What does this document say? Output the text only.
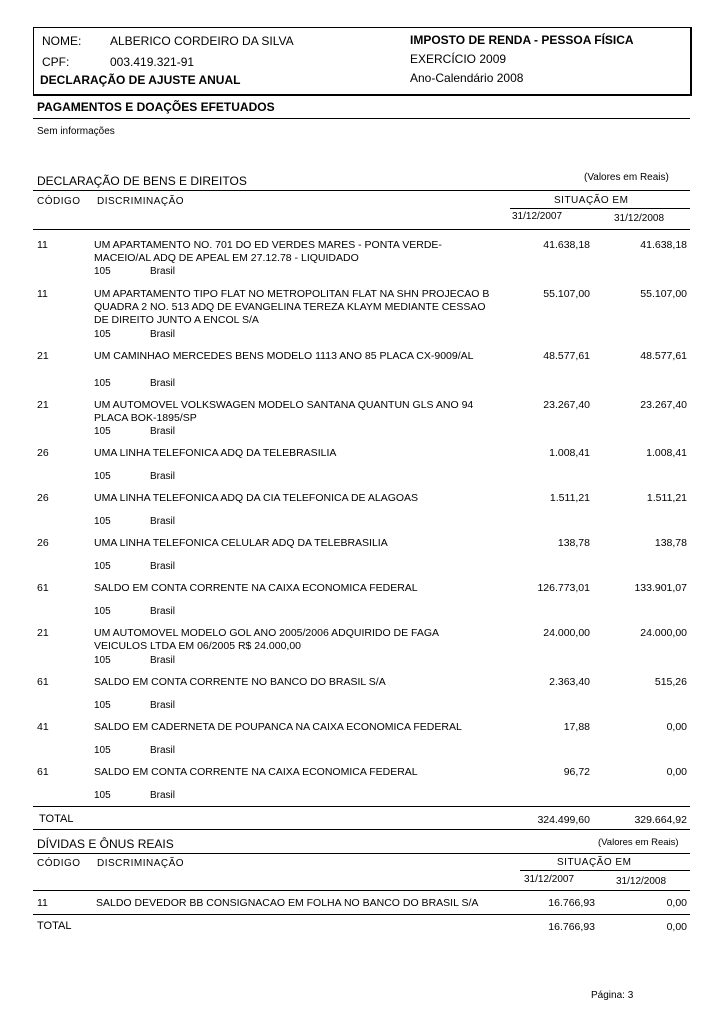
NOME: ALBERICO CORDEIRO DA SILVA
CPF:	003.419.321-91
DECLARAÇÃO DE AJUSTE ANUAL
IMPOSTO DE RENDA - PESSOA FÍSICA
EXERCÍCIO 2009
Ano-Calendário 2008
PAGAMENTOS E DOAÇÕES EFETUADOS
Sem informações
DECLARAÇÃO DE BENS E DIREITOS	(Valores em Reais)
CÓDIGO DISCRIMINAÇÃO	SITUAÇÃO EM
31/12/2007	31/12/2008
11	UM APARTAMENTO NO. 701 DO ED VERDES MARES - PONTA VERDE- MACEIO/AL ADQ DE APEAL EM 27.12.78 - LIQUIDADO
41.638,18	41.638,18
105	Brasil
11	UM APARTAMENTO TIPO FLAT NO METROPOLITAN FLAT NA SHN PROJECAO B QUADRA 2 NO. 513 ADQ DE EVANGELINA TEREZA KLAYM MEDIANTE CESSAO DE DIREITO JUNTO A ENCOL S/A
55.107,00	55.107,00
105	Brasil
21	UM CAMINHAO MERCEDES BENS MODELO 1113 ANO 85 PLACA CX-9009/AL	48.577,61	48.577,61
105	Brasil
21	UM AUTOMOVEL VOLKSWAGEN MODELO SANTANA QUANTUN GLS ANO 94 PLACA BOK-1895/SP
23.267,40	23.267,40
105	Brasil
26	UMA LINHA TELEFONICA ADQ DA TELEBRASILIA	1.008,41	1.008,41
105	Brasil
26	UMA LINHA TELEFONICA ADQ DA CIA TELEFONICA DE ALAGOAS	1.511,21	1.511,21
105	Brasil
26	UMA LINHA TELEFONICA CELULAR ADQ DA TELEBRASILIA	138,78	138,78
105	Brasil
61	SALDO EM CONTA CORRENTE NA CAIXA ECONOMICA FEDERAL	126.773,01	133.901,07
105	Brasil
21	UM AUTOMOVEL MODELO GOL ANO 2005/2006 ADQUIRIDO DE FAGA VEICULOS LTDA EM 06/2005 R$ 24.000,00
24.000,00	24.000,00
105	Brasil
61	SALDO EM CONTA CORRENTE NO BANCO DO BRASIL S/A	2.363,40	515,26
105	Brasil
41	SALDO EM CADERNETA DE POUPANCA NA CAIXA ECONOMICA FEDERAL	17,88	0,00
105	Brasil
61	SALDO EM CONTA CORRENTE NA CAIXA ECONOMICA FEDERAL	96,72	0,00
105	Brasil
TOTAL	324.499,60	329.664,92
DÍVIDAS E ÔNUS REAIS	(Valores em Reais)
CÓDIGO DISCRIMINAÇÃO	SITUAÇÃO EM
31/12/2007	31/12/2008
11	SALDO DEVEDOR BB CONSIGNACAO EM FOLHA NO BANCO DO BRASIL S/A	16.766,93	0,00
TOTAL	16.766,93	0,00
Página: 3
